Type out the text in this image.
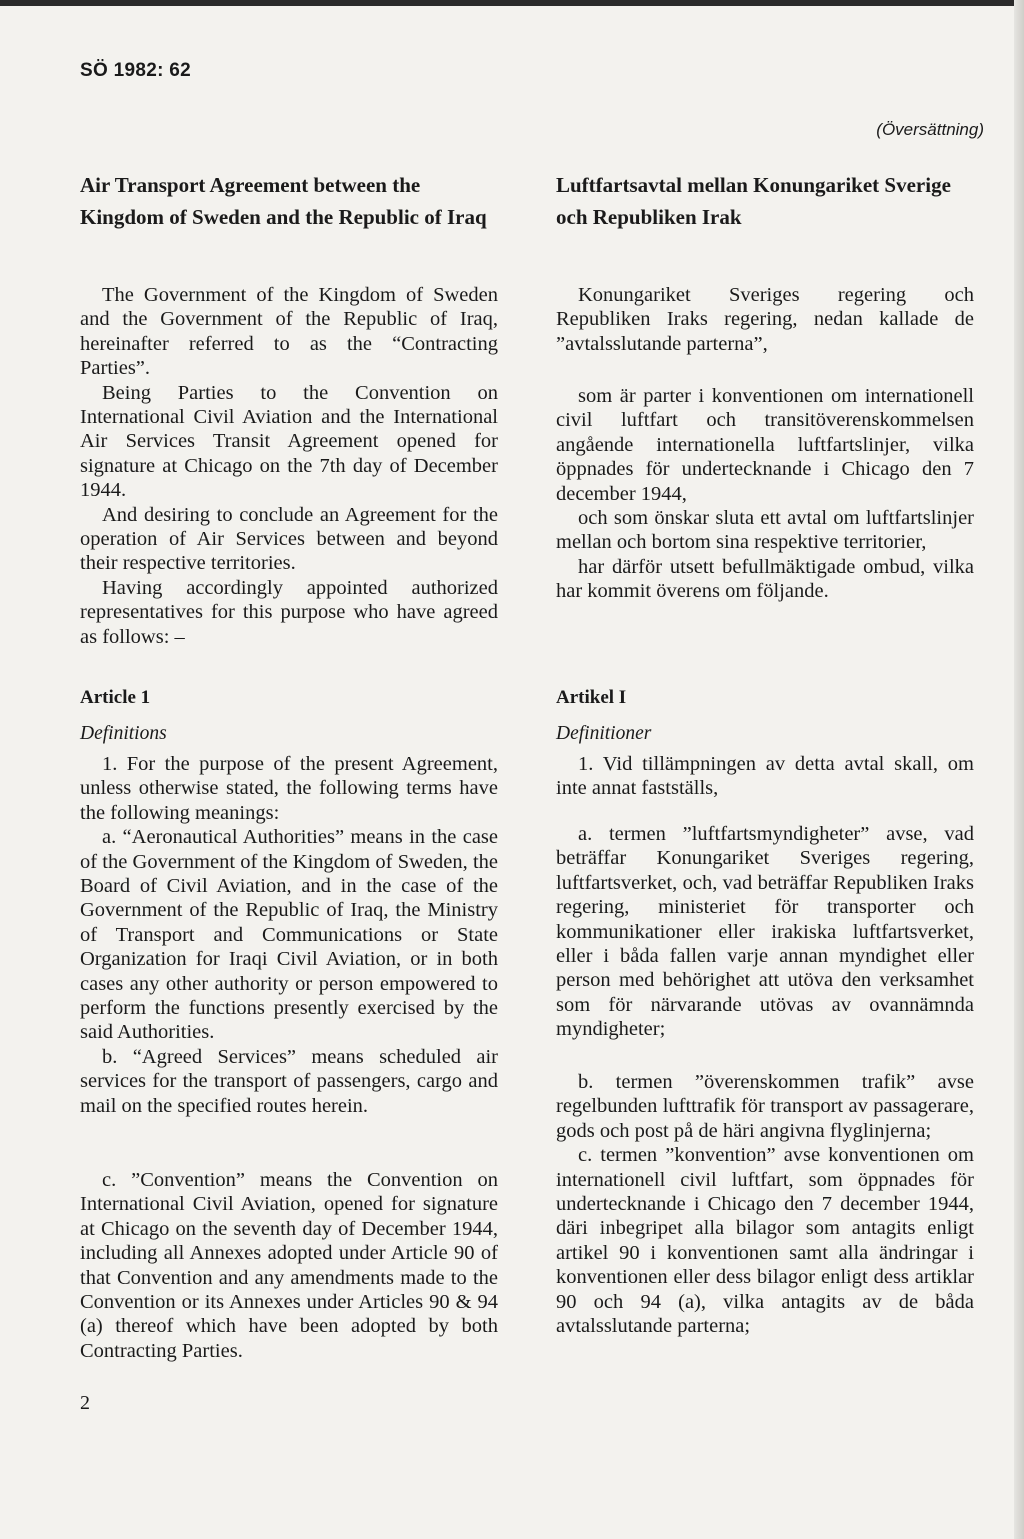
SÖ 1982: 62
(Översättning)
Air Transport Agreement between the Kingdom of Sweden and the Republic of Iraq

The Government of the Kingdom of Sweden and the Government of the Republic of Iraq, hereinafter referred to as the “Contracting Parties”.

Being Parties to the Convention on International Civil Aviation and the International Air Services Transit Agreement opened for signature at Chicago on the 7th day of December 1944.

And desiring to conclude an Agreement for the operation of Air Services between and beyond their respective territories.

Having accordingly appointed authorized representatives for this purpose who have agreed as follows: –

Article 1
Definitions

1. For the purpose of the present Agreement, unless otherwise stated, the following terms have the following meanings:

a. “Aeronautical Authorities” means in the case of the Government of the Kingdom of Sweden, the Board of Civil Aviation, and in the case of the Government of the Republic of Iraq, the Ministry of Transport and Communications or State Organization for Iraqi Civil Aviation, or in both cases any other authority or person empowered to perform the functions presently exercised by the said Authorities.

b. “Agreed Services” means scheduled air services for the transport of passengers, cargo and mail on the specified routes herein.

c. ”Convention” means the Convention on International Civil Aviation, opened for signature at Chicago on the seventh day of December 1944, including all Annexes adopted under Article 90 of that Convention and any amendments made to the Convention or its Annexes under Articles 90 & 94 (a) thereof which have been adopted by both Contracting Parties.

Luftfartsavtal mellan Konungariket Sverige och Republiken Irak

Konungariket Sveriges regering och Republiken Iraks regering, nedan kallade de ”avtalsslutande parterna”,

som är parter i konventionen om internationell civil luftfart och transitöverenskommelsen angående internationella luftfartslinjer, vilka öppnades för undertecknande i Chicago den 7 december 1944,

och som önskar sluta ett avtal om luftfartslinjer mellan och bortom sina respektive territorier,

har därför utsett befullmäktigade ombud, vilka har kommit överens om följande.

Artikel I
Definitioner

1. Vid tillämpningen av detta avtal skall, om inte annat fastställs,

a. termen ”luftfartsmyndigheter” avse, vad beträffar Konungariket Sveriges regering, luftfartsverket, och, vad beträffar Republiken Iraks regering, ministeriet för transporter och kommunikationer eller irakiska luftfartsverket, eller i båda fallen varje annan myndighet eller person med behörighet att utöva den verksamhet som för närvarande utövas av ovannämnda myndigheter;

b. termen ”överenskommen trafik” avse regelbunden lufttrafik för transport av passagerare, gods och post på de häri angivna flyglinjerna;

c. termen ”konvention” avse konventionen om internationell civil luftfart, som öppnades för undertecknande i Chicago den 7 december 1944, däri inbegripet alla bilagor som antagits enligt artikel 90 i konventionen samt alla ändringar i konventionen eller dess bilagor enligt dess artiklar 90 och 94 (a), vilka antagits av de båda avtalsslutande parterna;

2
